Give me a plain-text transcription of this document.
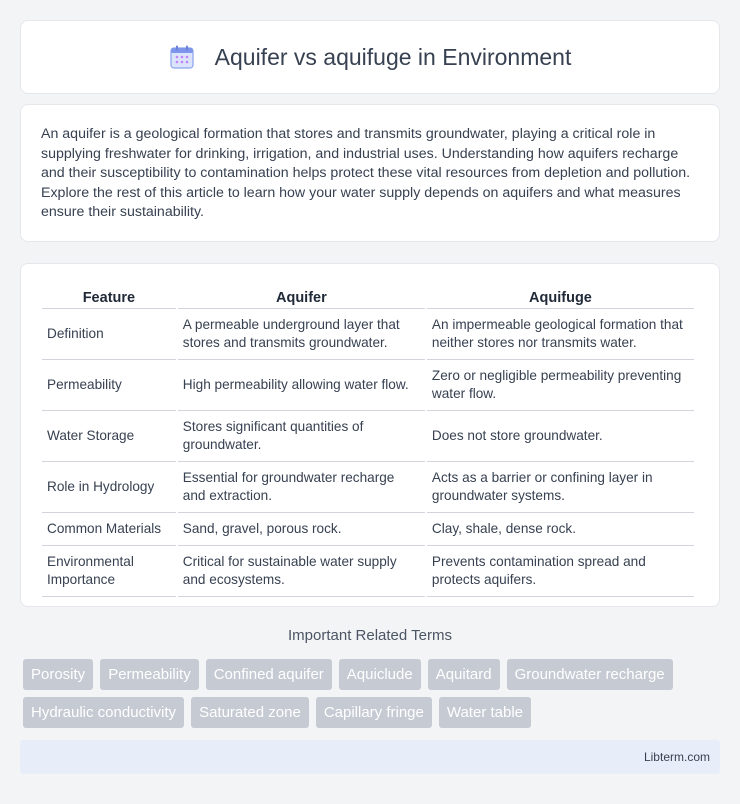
Aquifer vs aquifuge in Environment

An aquifer is a geological formation that stores and transmits groundwater, playing a critical role in supplying freshwater for drinking, irrigation, and industrial uses. Understanding how aquifers recharge and their susceptibility to contamination helps protect these vital resources from depletion and pollution. Explore the rest of this article to learn how your water supply depends on aquifers and what measures ensure their sustainability.

Feature	Aquifer	Aquifuge
Definition	A permeable underground layer that stores and transmits groundwater.	An impermeable geological formation that neither stores nor transmits water.
Permeability	High permeability allowing water flow.	Zero or negligible permeability preventing water flow.
Water Storage	Stores significant quantities of groundwater.	Does not store groundwater.
Role in Hydrology	Essential for groundwater recharge and extraction.	Acts as a barrier or confining layer in groundwater systems.
Common Materials	Sand, gravel, porous rock.	Clay, shale, dense rock.
Environmental Importance	Critical for sustainable water supply and ecosystems.	Prevents contamination spread and protects aquifers.
Important Related Terms
Porosity	Permeability	Confined aquifer	Aquiclude	Aquitard	Groundwater recharge
Hydraulic conductivity	Saturated zone	Capillary fringe	Water table
Libterm.com
